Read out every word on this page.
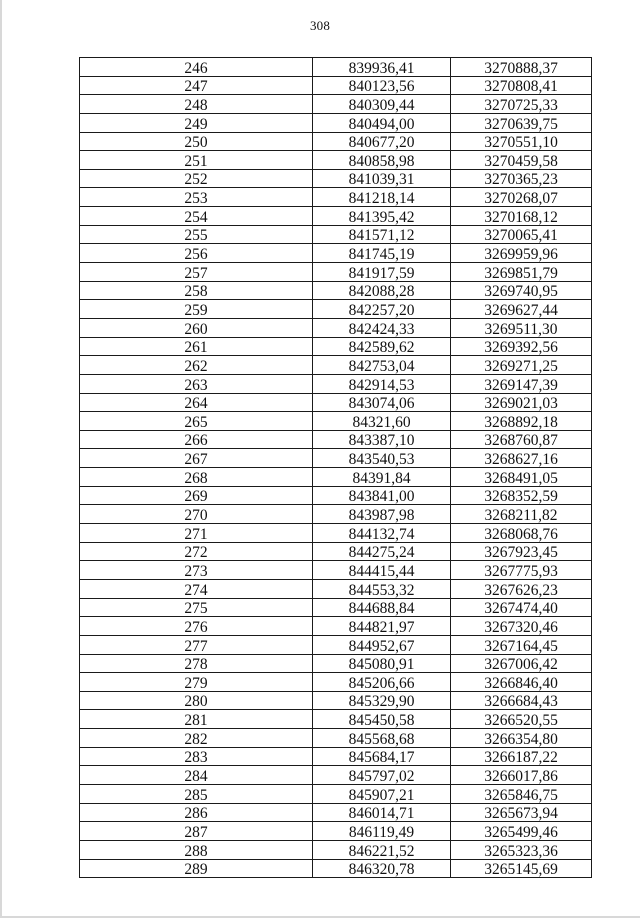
308
246	839936,41	3270888,37
247	840123,56	3270808,41
248	840309,44	3270725,33
249	840494,00	3270639,75
250	840677,20	3270551,10
251	840858,98	3270459,58
252	841039,31	3270365,23
253	841218,14	3270268,07
254	841395,42	3270168,12
255	841571,12	3270065,41
256	841745,19	3269959,96
257	841917,59	3269851,79
258	842088,28	3269740,95
259	842257,20	3269627,44
260	842424,33	3269511,30
261	842589,62	3269392,56
262	842753,04	3269271,25
263	842914,53	3269147,39
264	843074,06	3269021,03
265	84321,60	3268892,18
266	843387,10	3268760,87
267	843540,53	3268627,16
268	84391,84	3268491,05
269	843841,00	3268352,59
270	843987,98	3268211,82
271	844132,74	3268068,76
272	844275,24	3267923,45
273	844415,44	3267775,93
274	844553,32	3267626,23
275	844688,84	3267474,40
276	844821,97	3267320,46
277	844952,67	3267164,45
278	845080,91	3267006,42
279	845206,66	3266846,40
280	845329,90	3266684,43
281	845450,58	3266520,55
282	845568,68	3266354,80
283	845684,17	3266187,22
284	845797,02	3266017,86
285	845907,21	3265846,75
286	846014,71	3265673,94
287	846119,49	3265499,46
288	846221,52	3265323,36
289	846320,78	3265145,69
